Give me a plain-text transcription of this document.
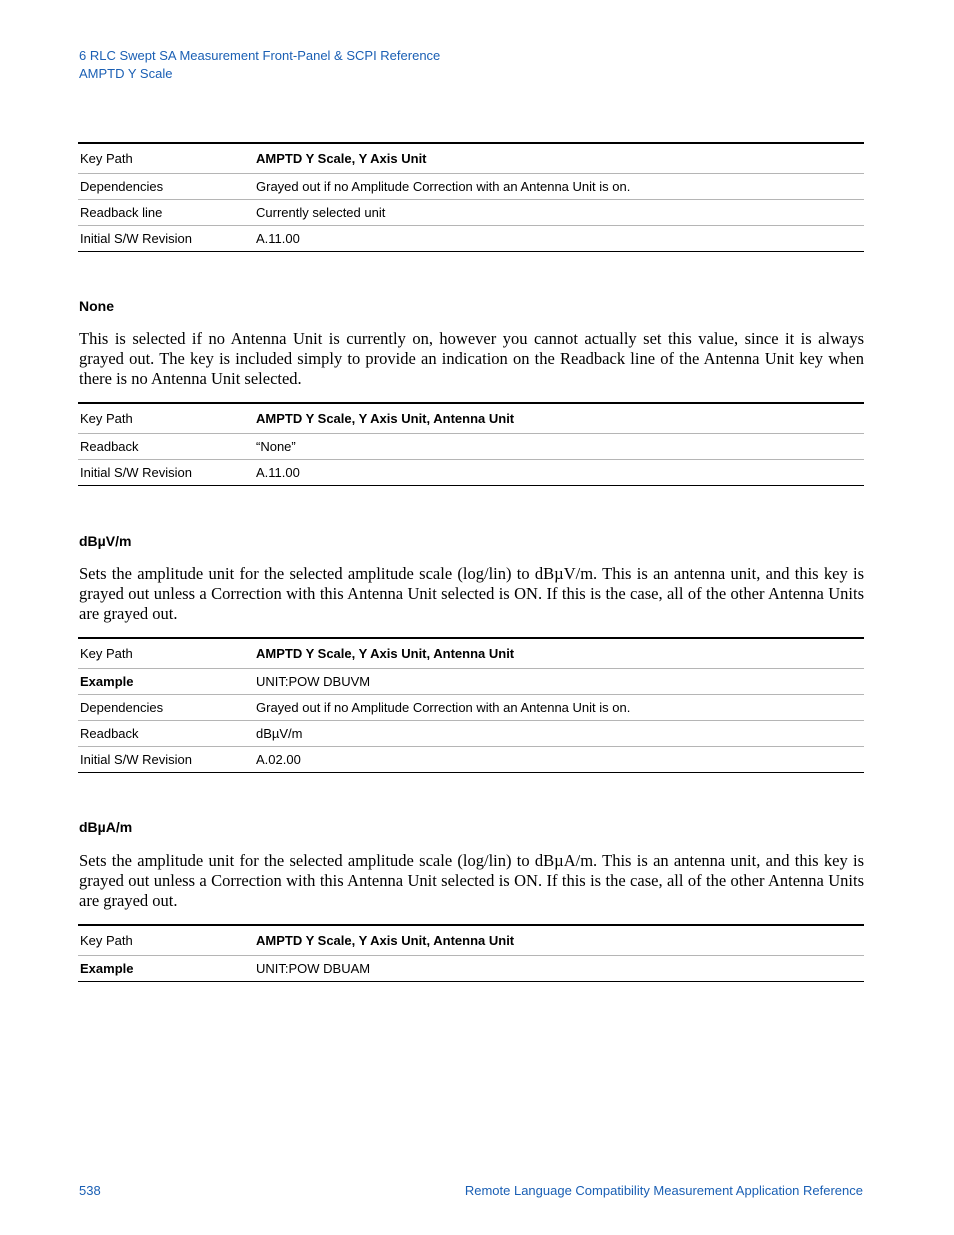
6 RLC Swept SA Measurement Front-Panel & SCPI Reference
AMPTD Y Scale
Key Path	AMPTD Y Scale, Y Axis Unit
Dependencies	Grayed out if no Amplitude Correction with an Antenna Unit is on.
Readback line	Currently selected unit
Initial S/W Revision	A.11.00
None
This is selected if no Antenna Unit is currently on, however you cannot actually set this value, since it is always grayed out. The key is included simply to provide an indication on the Readback line of the Antenna Unit key when there is no Antenna Unit selected.
Key Path	AMPTD Y Scale, Y Axis Unit, Antenna Unit
Readback	“None”
Initial S/W Revision	A.11.00
dBµV/m
Sets the amplitude unit for the selected amplitude scale (log/lin) to dBµV/m. This is an antenna unit, and this key is grayed out unless a Correction with this Antenna Unit selected is ON. If this is the case, all of the other Antenna Units are grayed out.
Key Path	AMPTD Y Scale, Y Axis Unit, Antenna Unit
Example	UNIT:POW DBUVM
Dependencies	Grayed out if no Amplitude Correction with an Antenna Unit is on.
Readback	dBµV/m
Initial S/W Revision	A.02.00
dBµA/m
Sets the amplitude unit for the selected amplitude scale (log/lin) to dBµA/m. This is an antenna unit, and this key is grayed out unless a Correction with this Antenna Unit selected is ON. If this is the case, all of the other Antenna Units are grayed out.
Key Path	AMPTD Y Scale, Y Axis Unit, Antenna Unit
Example	UNIT:POW DBUAM
538	Remote Language Compatibility Measurement Application Reference
